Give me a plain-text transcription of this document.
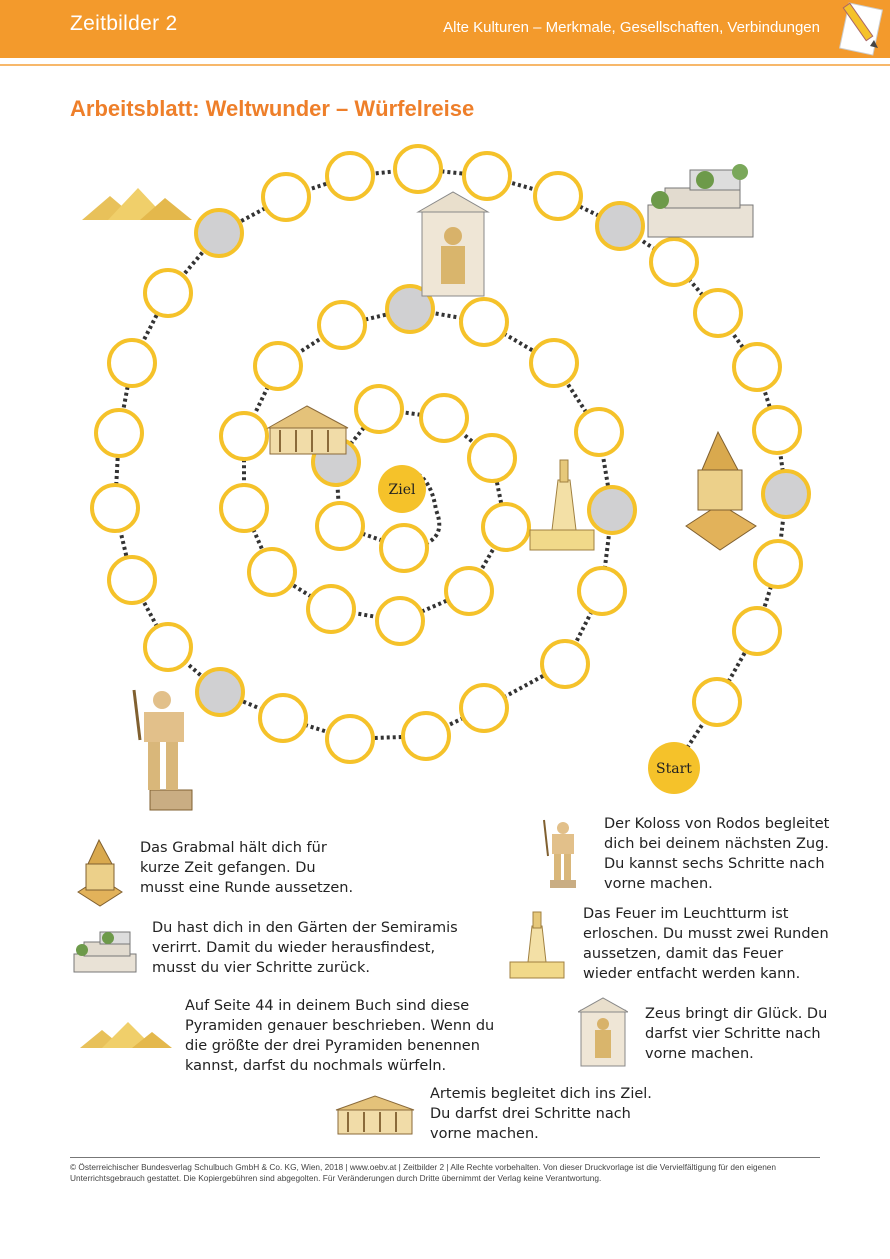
Zeitbilder 2	Alte Kulturen – Merkmale, Gesellschaften, Verbindungen
Arbeitsblatt: Weltwunder – Würfelreise
Start
Ziel
Das Grabmal hält dich für
kurze Zeit gefangen. Du
musst eine Runde aussetzen.
Du hast dich in den Gärten der Semiramis
verirrt. Damit du wieder herausfindest,
musst du vier Schritte zurück.
Auf Seite 44 in deinem Buch sind diese
Pyramiden genauer beschrieben. Wenn du
die größte der drei Pyramiden benennen
kannst, darfst du nochmals würfeln.
Artemis begleitet dich ins Ziel.
Du darfst drei Schritte nach
vorne machen.
Der Koloss von Rodos begleitet
dich bei deinem nächsten Zug.
Du kannst sechs Schritte nach
vorne machen.
Das Feuer im Leuchtturm ist
erloschen. Du musst zwei Runden
aussetzen, damit das Feuer
wieder entfacht werden kann.
Zeus bringt dir Glück. Du
darfst vier Schritte nach
vorne machen.
© Österreichischer Bundesverlag Schulbuch GmbH & Co. KG, Wien, 2018 | www.oebv.at | Zeitbilder 2 | Alle Rechte vorbehalten. Von dieser Druckvorlage ist die Vervielfältigung für den eigenen Unterrichtsgebrauch gestattet. Die Kopiergebühren sind abgegolten. Für Veränderungen durch Dritte übernimmt der Verlag keine Verantwortung.
